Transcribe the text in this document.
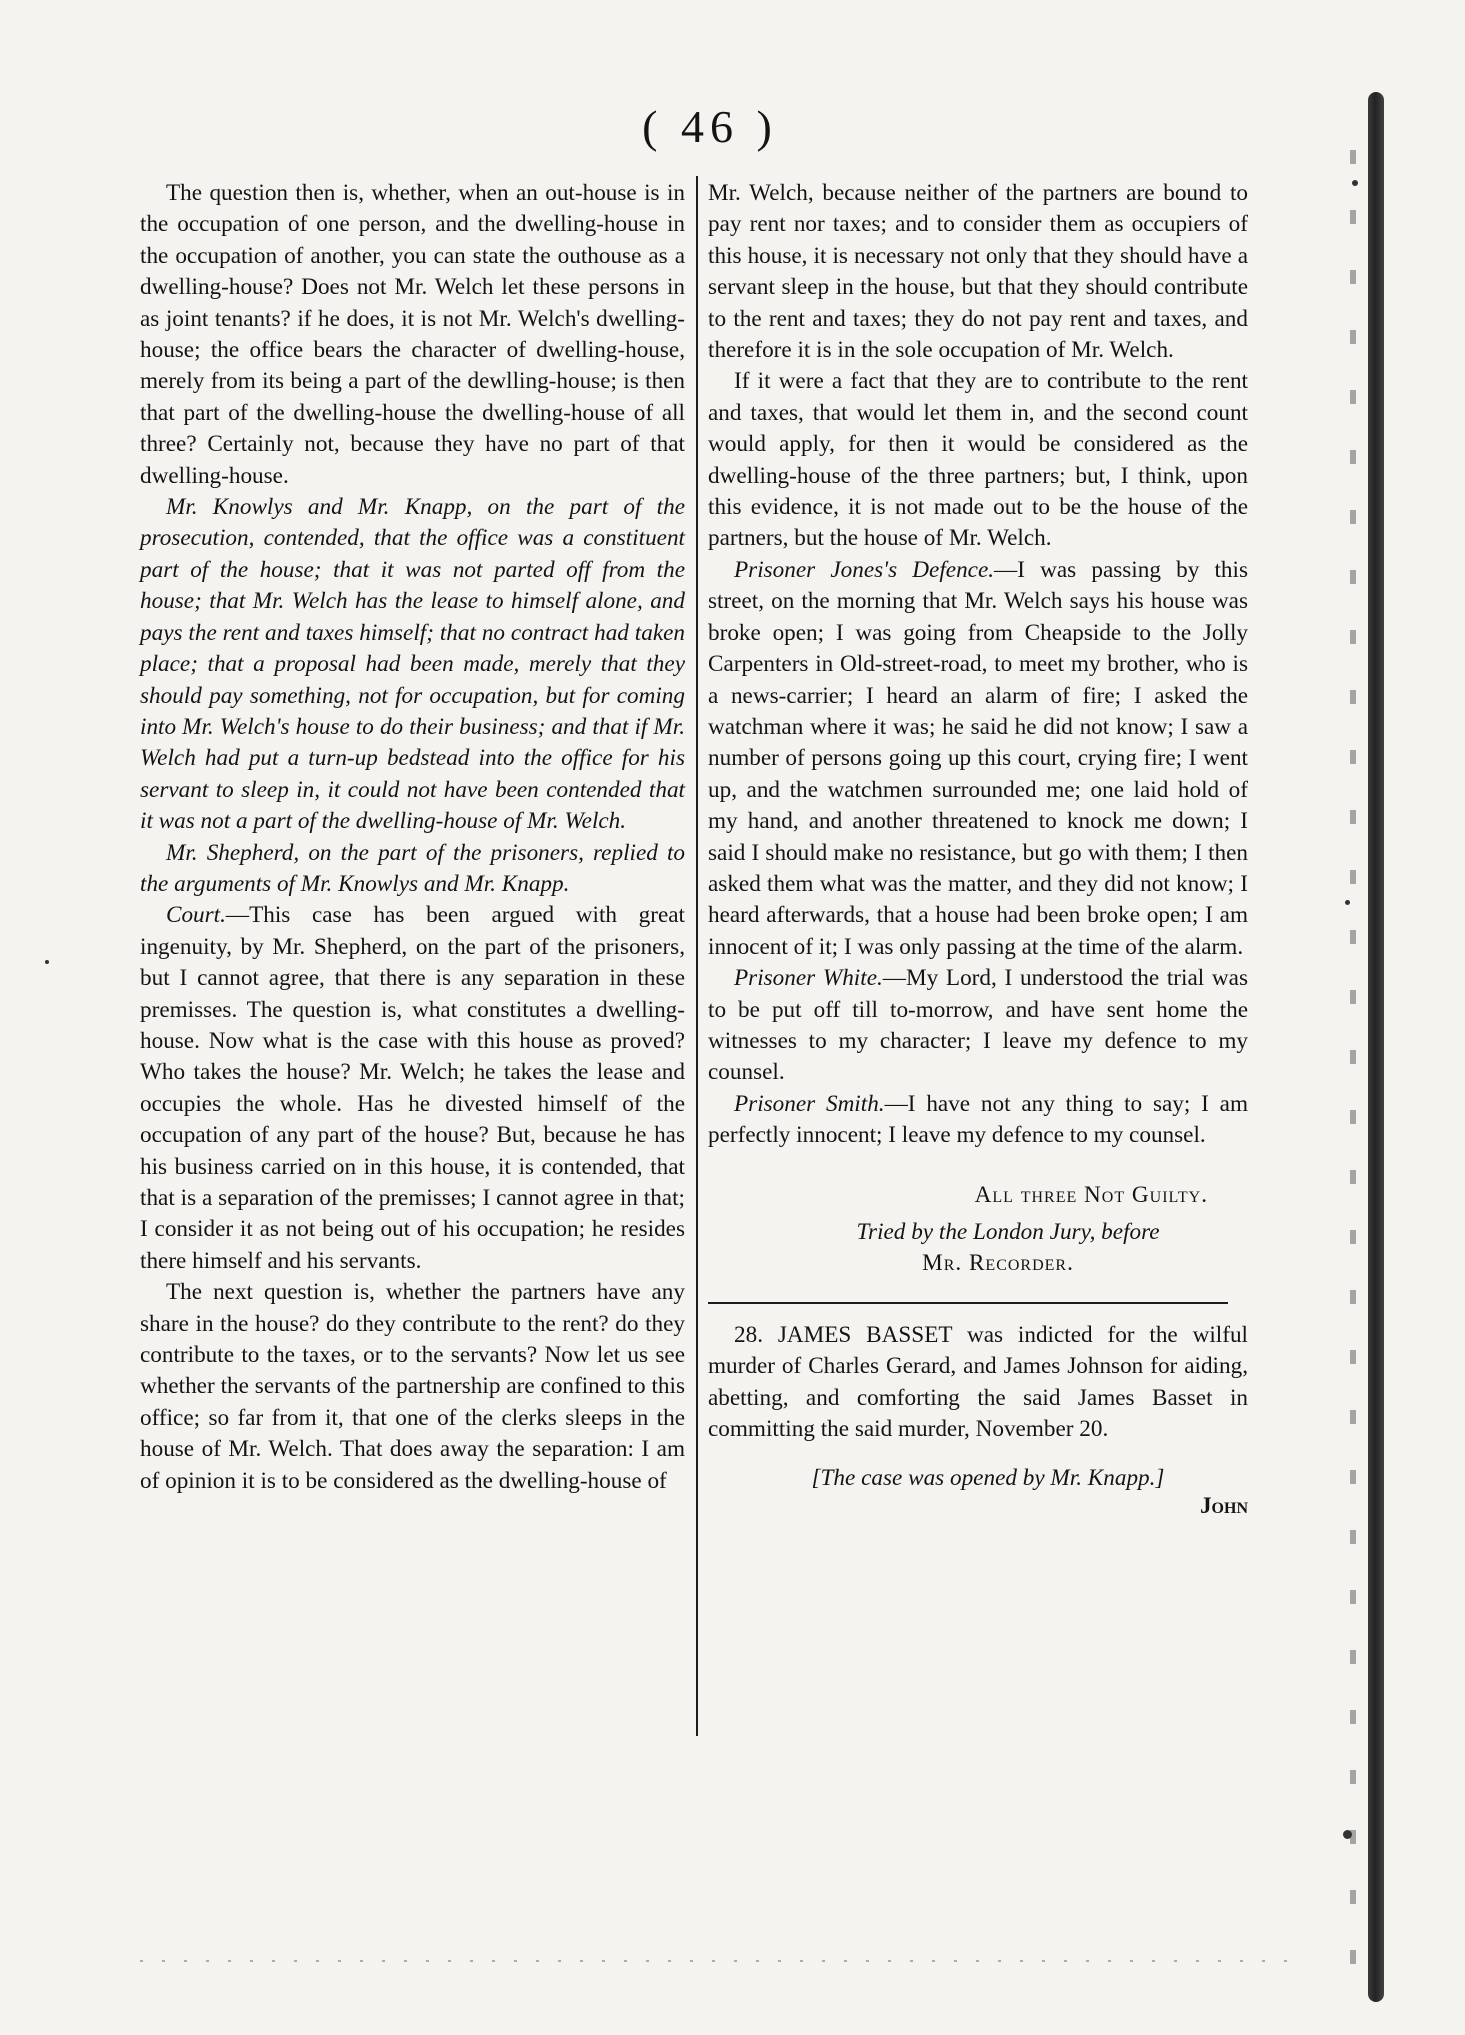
( 46 )

The question then is, whether, when an out-house is in the occupation of one person, and the dwelling-house in the occupation of another, you can state the outhouse as a dwelling-house? Does not Mr. Welch let these persons in as joint tenants? if he does, it is not Mr. Welch's dwelling-house; the office bears the character of dwelling-house, merely from its being a part of the dewlling-house; is then that part of the dwelling-house the dwelling-house of all three? Certainly not, because they have no part of that dwelling-house.

Mr. Knowlys and Mr. Knapp, on the part of the prosecution, contended, that the office was a constituent part of the house; that it was not parted off from the house; that Mr. Welch has the lease to himself alone, and pays the rent and taxes himself; that no contract had taken place; that a proposal had been made, merely that they should pay something, not for occupation, but for coming into Mr. Welch's house to do their business; and that if Mr. Welch had put a turn-up bedstead into the office for his servant to sleep in, it could not have been contended that it was not a part of the dwelling-house of Mr. Welch.

Mr. Shepherd, on the part of the prisoners, replied to the arguments of Mr. Knowlys and Mr. Knapp.

Court.—This case has been argued with great ingenuity, by Mr. Shepherd, on the part of the prisoners, but I cannot agree, that there is any separation in these premisses. The question is, what constitutes a dwelling-house. Now what is the case with this house as proved? Who takes the house? Mr. Welch; he takes the lease and occupies the whole. Has he divested himself of the occupation of any part of the house? But, because he has his business carried on in this house, it is contended, that that is a separation of the premisses; I cannot agree in that; I consider it as not being out of his occupation; he resides there himself and his servants.

The next question is, whether the partners have any share in the house? do they contribute to the rent? do they contribute to the taxes, or to the servants? Now let us see whether the servants of the partnership are confined to this office; so far from it, that one of the clerks sleeps in the house of Mr. Welch. That does away the separation: I am of opinion it is to be considered as the dwelling-house of

Mr. Welch, because neither of the partners are bound to pay rent nor taxes; and to consider them as occupiers of this house, it is necessary not only that they should have a servant sleep in the house, but that they should contribute to the rent and taxes; they do not pay rent and taxes, and therefore it is in the sole occupation of Mr. Welch.

If it were a fact that they are to contribute to the rent and taxes, that would let them in, and the second count would apply, for then it would be considered as the dwelling-house of the three partners; but, I think, upon this evidence, it is not made out to be the house of the partners, but the house of Mr. Welch.

Prisoner Jones's Defence.—I was passing by this street, on the morning that Mr. Welch says his house was broke open; I was going from Cheapside to the Jolly Carpenters in Old-street-road, to meet my brother, who is a news-carrier; I heard an alarm of fire; I asked the watchman where it was; he said he did not know; I saw a number of persons going up this court, crying fire; I went up, and the watchmen surrounded me; one laid hold of my hand, and another threatened to knock me down; I said I should make no resistance, but go with them; I then asked them what was the matter, and they did not know; I heard afterwards, that a house had been broke open; I am innocent of it; I was only passing at the time of the alarm.

Prisoner White.—My Lord, I understood the trial was to be put off till to-morrow, and have sent home the witnesses to my character; I leave my defence to my counsel.

Prisoner Smith.—I have not any thing to say; I am perfectly innocent; I leave my defence to my counsel.

All three Not Guilty.

Tried by the London Jury, before

Mr. Recorder.

28. JAMES BASSET was indicted for the wilful murder of Charles Gerard, and James Johnson for aiding, abetting, and comforting the said James Basset in committing the said murder, November 20.

[The case was opened by Mr. Knapp.]

John
